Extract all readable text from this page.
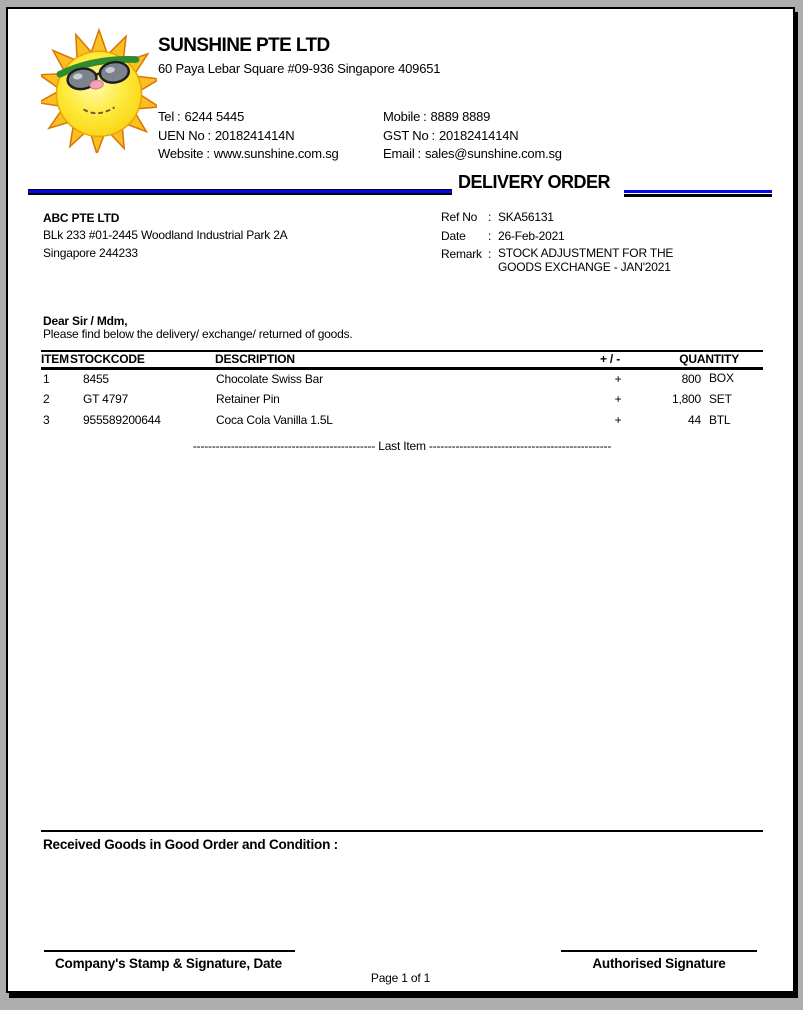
SUNSHINE PTE LTD
60 Paya Lebar Square #09-936 Singapore 409651
Tel : 6244 5445
UEN No : 2018241414N
Website : www.sunshine.com.sg
Mobile : 8889 8889
GST No : 2018241414N
Email : sales@sunshine.com.sg
DELIVERY ORDER
ABC PTE LTD
BLk 233 #01-2445 Woodland Industrial Park 2A
Singapore 244233
Ref No : SKA56131
Date	: 26-Feb-2021
Remark : STOCK ADJUSTMENT FOR THE GOODS EXCHANGE - JAN'2021
Dear Sir / Mdm,
Please find below the delivery/ exchange/ returned of goods.
ITEM STOCKCODE	DESCRIPTION	+ / -	QUANTITY
1	8455	Chocolate Swiss Bar	+	800 BOX
2	GT 4797	Retainer Pin	+	1,800 SET
3	955589200644	Coca Cola Vanilla 1.5L	+	44 BTL
------------------------------------------------ Last Item ------------------------------------------------
Received Goods in Good Order and Condition :
Company's Stamp & Signature, Date	Authorised Signature
Page 1 of 1
